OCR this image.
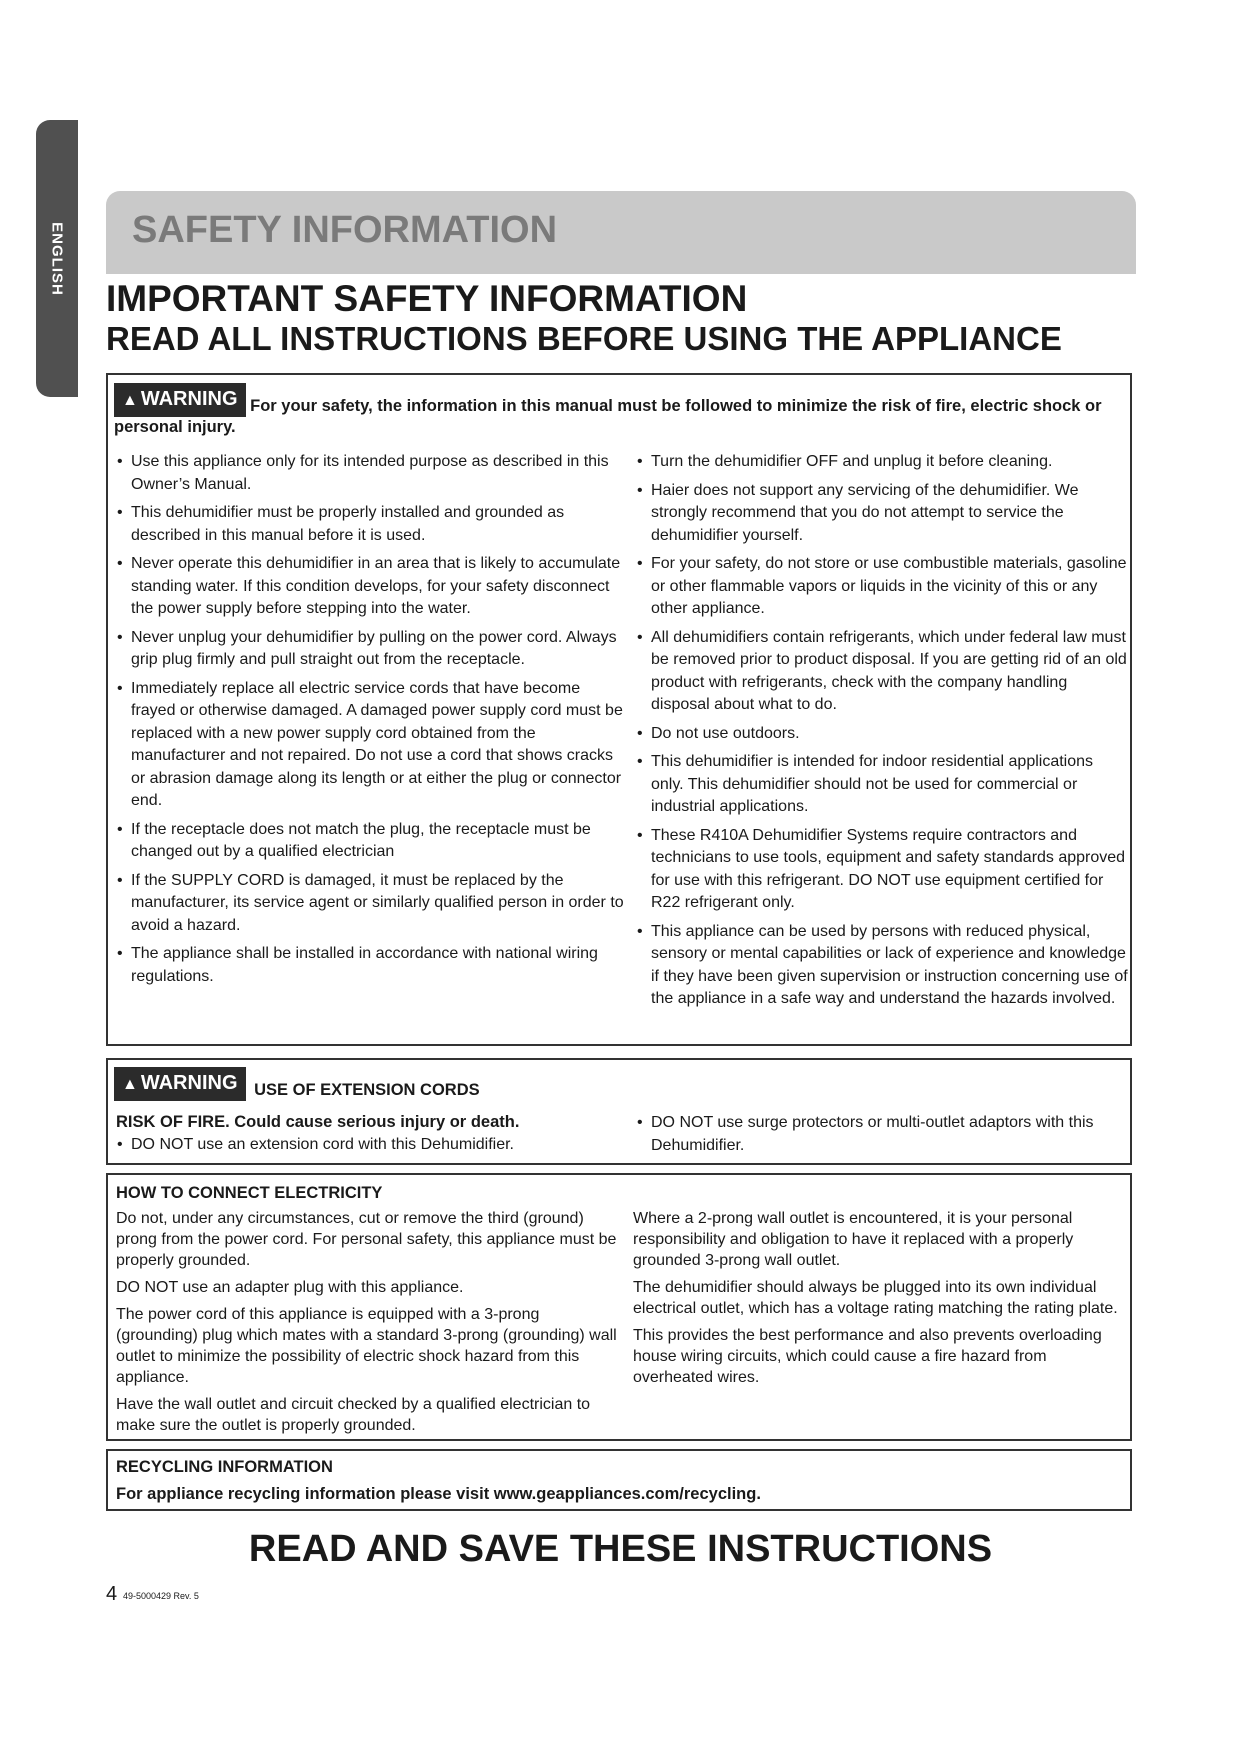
ENGLISH SAFETY INFORMATION
IMPORTANT SAFETY INFORMATION
READ ALL INSTRUCTIONS BEFORE USING THE APPLIANCE
▲ WARNING For your safety, the information in this manual must be followed to minimize the risk of fire, electric shock or personal injury.
• Use this appliance only for its intended purpose as described in this Owner’s Manual.
• This dehumidifier must be properly installed and grounded as described in this manual before it is used.
• Never operate this dehumidifier in an area that is likely to accumulate standing water. If this condition develops, for your safety disconnect the power supply before stepping into the water.
• Never unplug your dehumidifier by pulling on the power cord. Always grip plug firmly and pull straight out from the receptacle.
• Immediately replace all electric service cords that have become frayed or otherwise damaged. A damaged power supply cord must be replaced with a new power supply cord obtained from the manufacturer and not repaired. Do not use a cord that shows cracks or abrasion damage along its length or at either the plug or connector end.
• If the receptacle does not match the plug, the receptacle must be changed out by a qualified electrician
• If the SUPPLY CORD is damaged, it must be replaced by the manufacturer, its service agent or similarly qualified person in order to avoid a hazard.
• The appliance shall be installed in accordance with national wiring regulations.
• Turn the dehumidifier OFF and unplug it before cleaning.
• Haier does not support any servicing of the dehumidifier. We strongly recommend that you do not attempt to service the dehumidifier yourself.
• For your safety, do not store or use combustible materials, gasoline or other flammable vapors or liquids in the vicinity of this or any other appliance.
• All dehumidifiers contain refrigerants, which under federal law must be removed prior to product disposal. If you are getting rid of an old product with refrigerants, check with the company handling disposal about what to do.
• Do not use outdoors.
• This dehumidifier is intended for indoor residential applications only. This dehumidifier should not be used for commercial or industrial applications.
• These R410A Dehumidifier Systems require contractors and technicians to use tools, equipment and safety standards approved for use with this refrigerant. DO NOT use equipment certified for R22 refrigerant only.
• This appliance can be used by persons with reduced physical, sensory or mental capabilities or lack of experience and knowledge if they have been given supervision or instruction concerning use of the appliance in a safe way and understand the hazards involved.
▲ WARNING USE OF EXTENSION CORDS
RISK OF FIRE. Could cause serious injury or death.
• DO NOT use an extension cord with this Dehumidifier.
• DO NOT use surge protectors or multi-outlet adaptors with this Dehumidifier.
HOW TO CONNECT ELECTRICITY

Do not, under any circumstances, cut or remove the third (ground) prong from the power cord. For personal safety, this appliance must be properly grounded.

DO NOT use an adapter plug with this appliance.

The power cord of this appliance is equipped with a 3-prong (grounding) plug which mates with a standard 3-prong (grounding) wall outlet to minimize the possibility of electric shock hazard from this appliance.

Have the wall outlet and circuit checked by a qualified electrician to make sure the outlet is properly grounded.

Where a 2-prong wall outlet is encountered, it is your personal responsibility and obligation to have it replaced with a properly grounded 3-prong wall outlet.

The dehumidifier should always be plugged into its own individual electrical outlet, which has a voltage rating matching the rating plate.

This provides the best performance and also prevents overloading house wiring circuits, which could cause a fire hazard from overheated wires.

RECYCLING INFORMATION
For appliance recycling information please visit www.geappliances.com/recycling.
READ AND SAVE THESE INSTRUCTIONS
4 49-5000429 Rev. 5
